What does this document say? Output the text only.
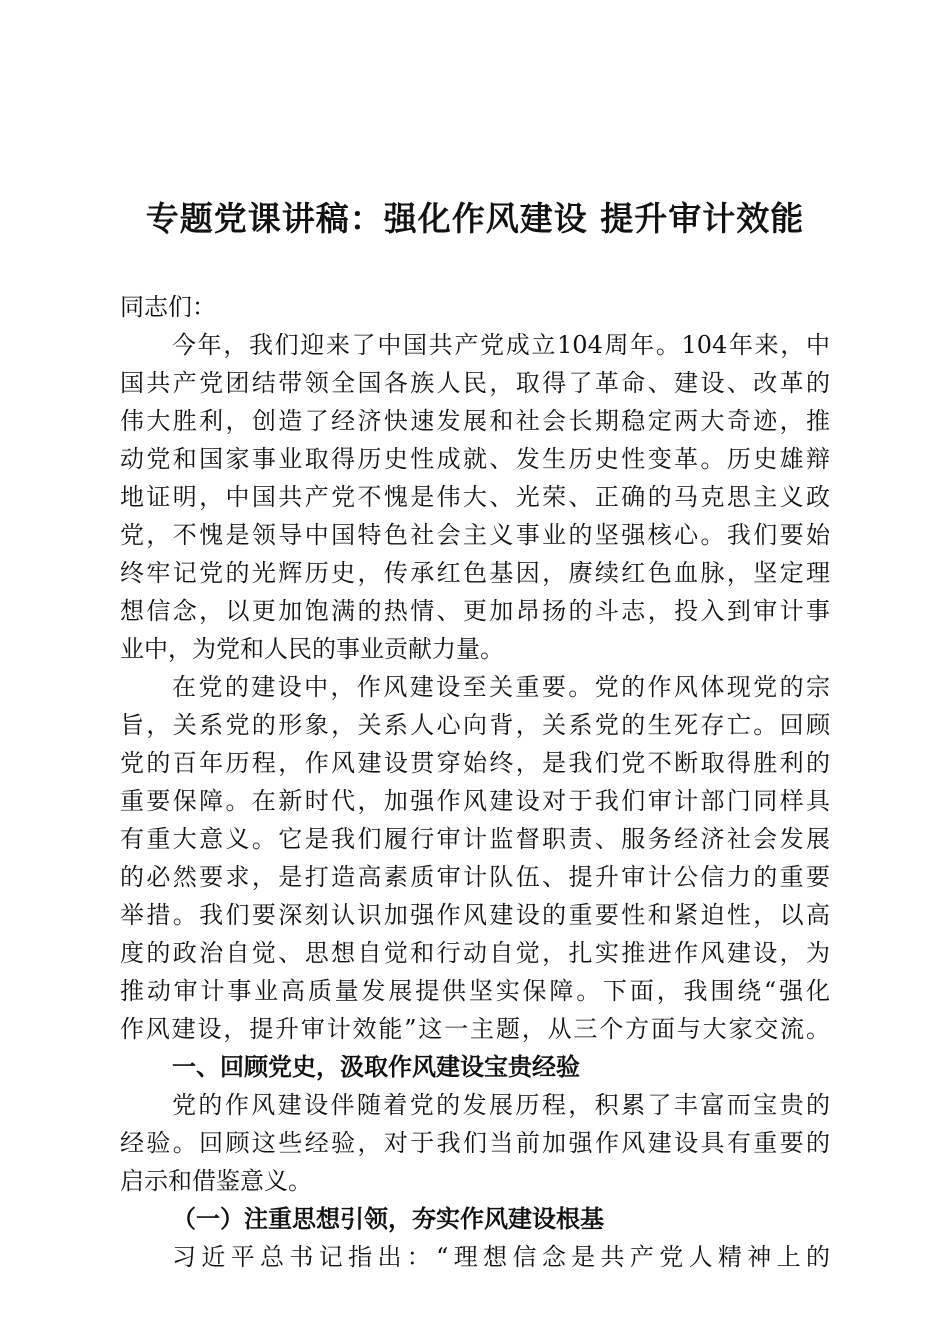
专题党课讲稿：强化作风建设 提升审计效能
同志们：
今年，我们迎来了中国共产党成立104周年。104年来，中
国共产党团结带领全国各族人民，取得了革命、建设、改革的
伟大胜利，创造了经济快速发展和社会长期稳定两大奇迹，推
动党和国家事业取得历史性成就、发生历史性变革。历史雄辩
地证明，中国共产党不愧是伟大、光荣、正确的马克思主义政
党，不愧是领导中国特色社会主义事业的坚强核心。我们要始
终牢记党的光辉历史，传承红色基因，赓续红色血脉，坚定理
想信念，以更加饱满的热情、更加昂扬的斗志，投入到审计事
业中，为党和人民的事业贡献力量。
在党的建设中，作风建设至关重要。党的作风体现党的宗
旨，关系党的形象，关系人心向背，关系党的生死存亡。回顾
党的百年历程，作风建设贯穿始终，是我们党不断取得胜利的
重要保障。在新时代，加强作风建设对于我们审计部门同样具
有重大意义。它是我们履行审计监督职责、服务经济社会发展
的必然要求，是打造高素质审计队伍、提升审计公信力的重要
举措。我们要深刻认识加强作风建设的重要性和紧迫性，以高
度的政治自觉、思想自觉和行动自觉，扎实推进作风建设，为
推动审计事业高质量发展提供坚实保障。下面，我围绕“强化
作风建设，提升审计效能”这一主题，从三个方面与大家交流。
一、回顾党史，汲取作风建设宝贵经验
党的作风建设伴随着党的发展历程，积累了丰富而宝贵的
经验。回顾这些经验，对于我们当前加强作风建设具有重要的
启示和借鉴意义。
（一）注重思想引领，夯实作风建设根基
习近平总书记指出：“理想信念是共产党人精神上的
